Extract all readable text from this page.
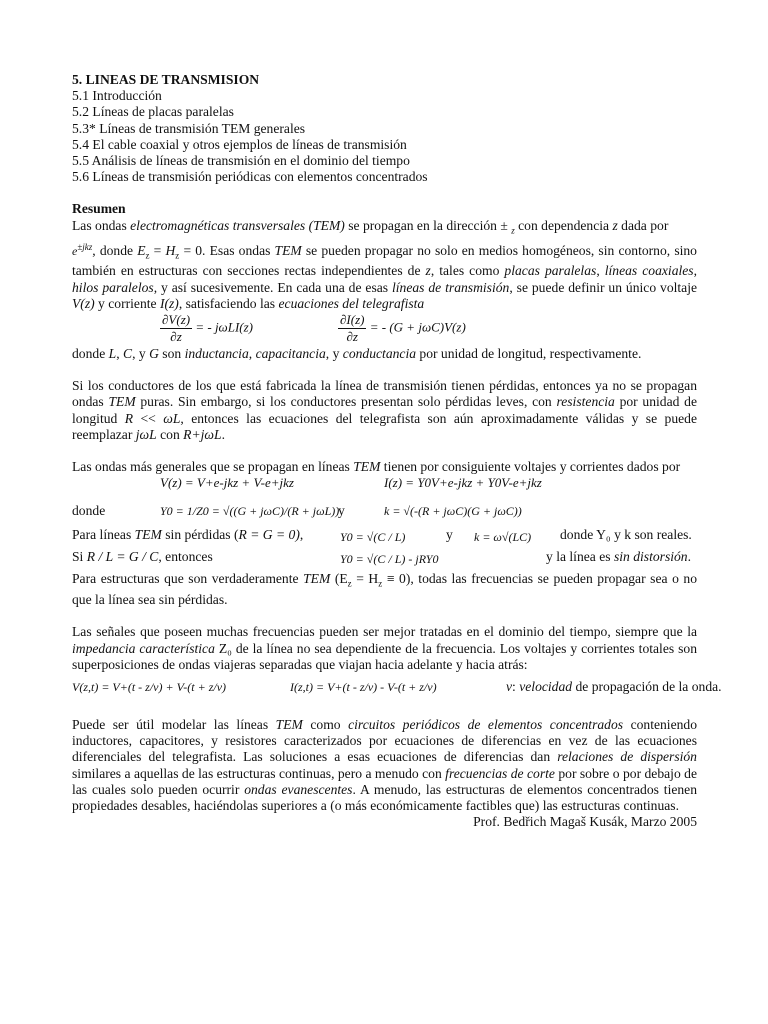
5. LINEAS DE TRANSMISION
5.1 Introducción
5.2 Líneas de placas paralelas
5.3* Líneas de transmisión TEM generales
5.4 El cable coaxial y otros ejemplos de líneas de transmisión
5.5 Análisis de líneas de transmisión en el dominio del tiempo
5.6 Líneas de transmisión periódicas con elementos concentrados
Resumen

Las ondas electromagnéticas transversales (TEM) se propagan en la dirección ± $_z$ con dependencia z dada por

$e^{\pm jkz}$, donde $E_z = H_z = 0$. Esas ondas TEM se pueden propagar no solo en medios homogéneos, sin contorno, sino también en estructuras con secciones rectas independientes de z, tales como placas paralelas, líneas coaxiales, hilos paralelos, y así sucesivemente. En cada una de esas líneas de transmisión, se puede definir un único voltaje V(z) y corriente I(z), satisfaciendo las ecuaciones del telegrafista

$\frac{\partial V(z)}{\partial z}$ = - jωLI(z)	$\frac{\partial I(z)}{\partial z}$ = - (G + jωC)V(z)

donde L, C, y G son inductancia, capacitancia, y conductancia por unidad de longitud, respectivamente.

Si los conductores de los que está fabricada la línea de transmisión tienen pérdidas, entonces ya no se propagan ondas TEM puras. Sin embargo, si los conductores presentan solo pérdidas leves, con resistencia por unidad de longitud R << ωL, entonces las ecuaciones del telegrafista son aún aproximadamente válidas y se puede reemplazar jωL con R+jωL.

Las ondas más generales que se propagan en líneas TEM tienen por consiguiente voltajes y corrientes dados por

V(z) = V+e-jkz + V-e+jkz	I(z) = Y0V+e-jkz + Y0V-e+jkz
donde	Y0 = 1/Z0 = √((G + jωC)/(R + jωL))
y	k = √(-(R + jωC)(G + jωC))
Para líneas TEM sin pérdidas (R = G = 0),	Y0 = √(C / L)	y k = ω√(LC) donde Y₀ y k son reales.
Si R / L = G / C, entonces	Y0 = √(C / L) - jRY0	y la línea es sin distorsión.

Para estructuras que son verdaderamente TEM $(E_z = H_z \equiv 0)$, todas las frecuencias se pueden propagar sea o no que la línea sea sin pérdidas.

Las señales que poseen muchas frecuencias pueden ser mejor tratadas en el dominio del tiempo, siempre que la impedancia característica Z₀ de la línea no sea dependiente de la frecuencia. Los voltajes y corrientes totales son superposiciones de ondas viajeras separadas que viajan hacia adelante y hacia atrás:

V(z,t) = V+(t - z/v) + V-(t + z/v)	I(z,t) = V+(t - z/v) - V-(t + z/v)	v: velocidad de propagación de la onda.

Puede ser útil modelar las líneas TEM como circuitos periódicos de elementos concentrados conteniendo inductores, capacitores, y resistores caracterizados por ecuaciones de diferencias en vez de las ecuaciones diferenciales del telegrafista. Las soluciones a esas ecuaciones de diferencias dan relaciones de dispersión similares a aquellas de las estructuras continuas, pero a menudo con frecuencias de corte por sobre o por debajo de las cuales solo pueden ocurrir ondas evanescentes. A menudo, las estructuras de elementos concentrados tienen propiedades desables, haciéndolas superiores a (o más económicamente factibles que) las estructuras continuas.

Prof. Bedřich Magaš Kusák, Marzo 2005
